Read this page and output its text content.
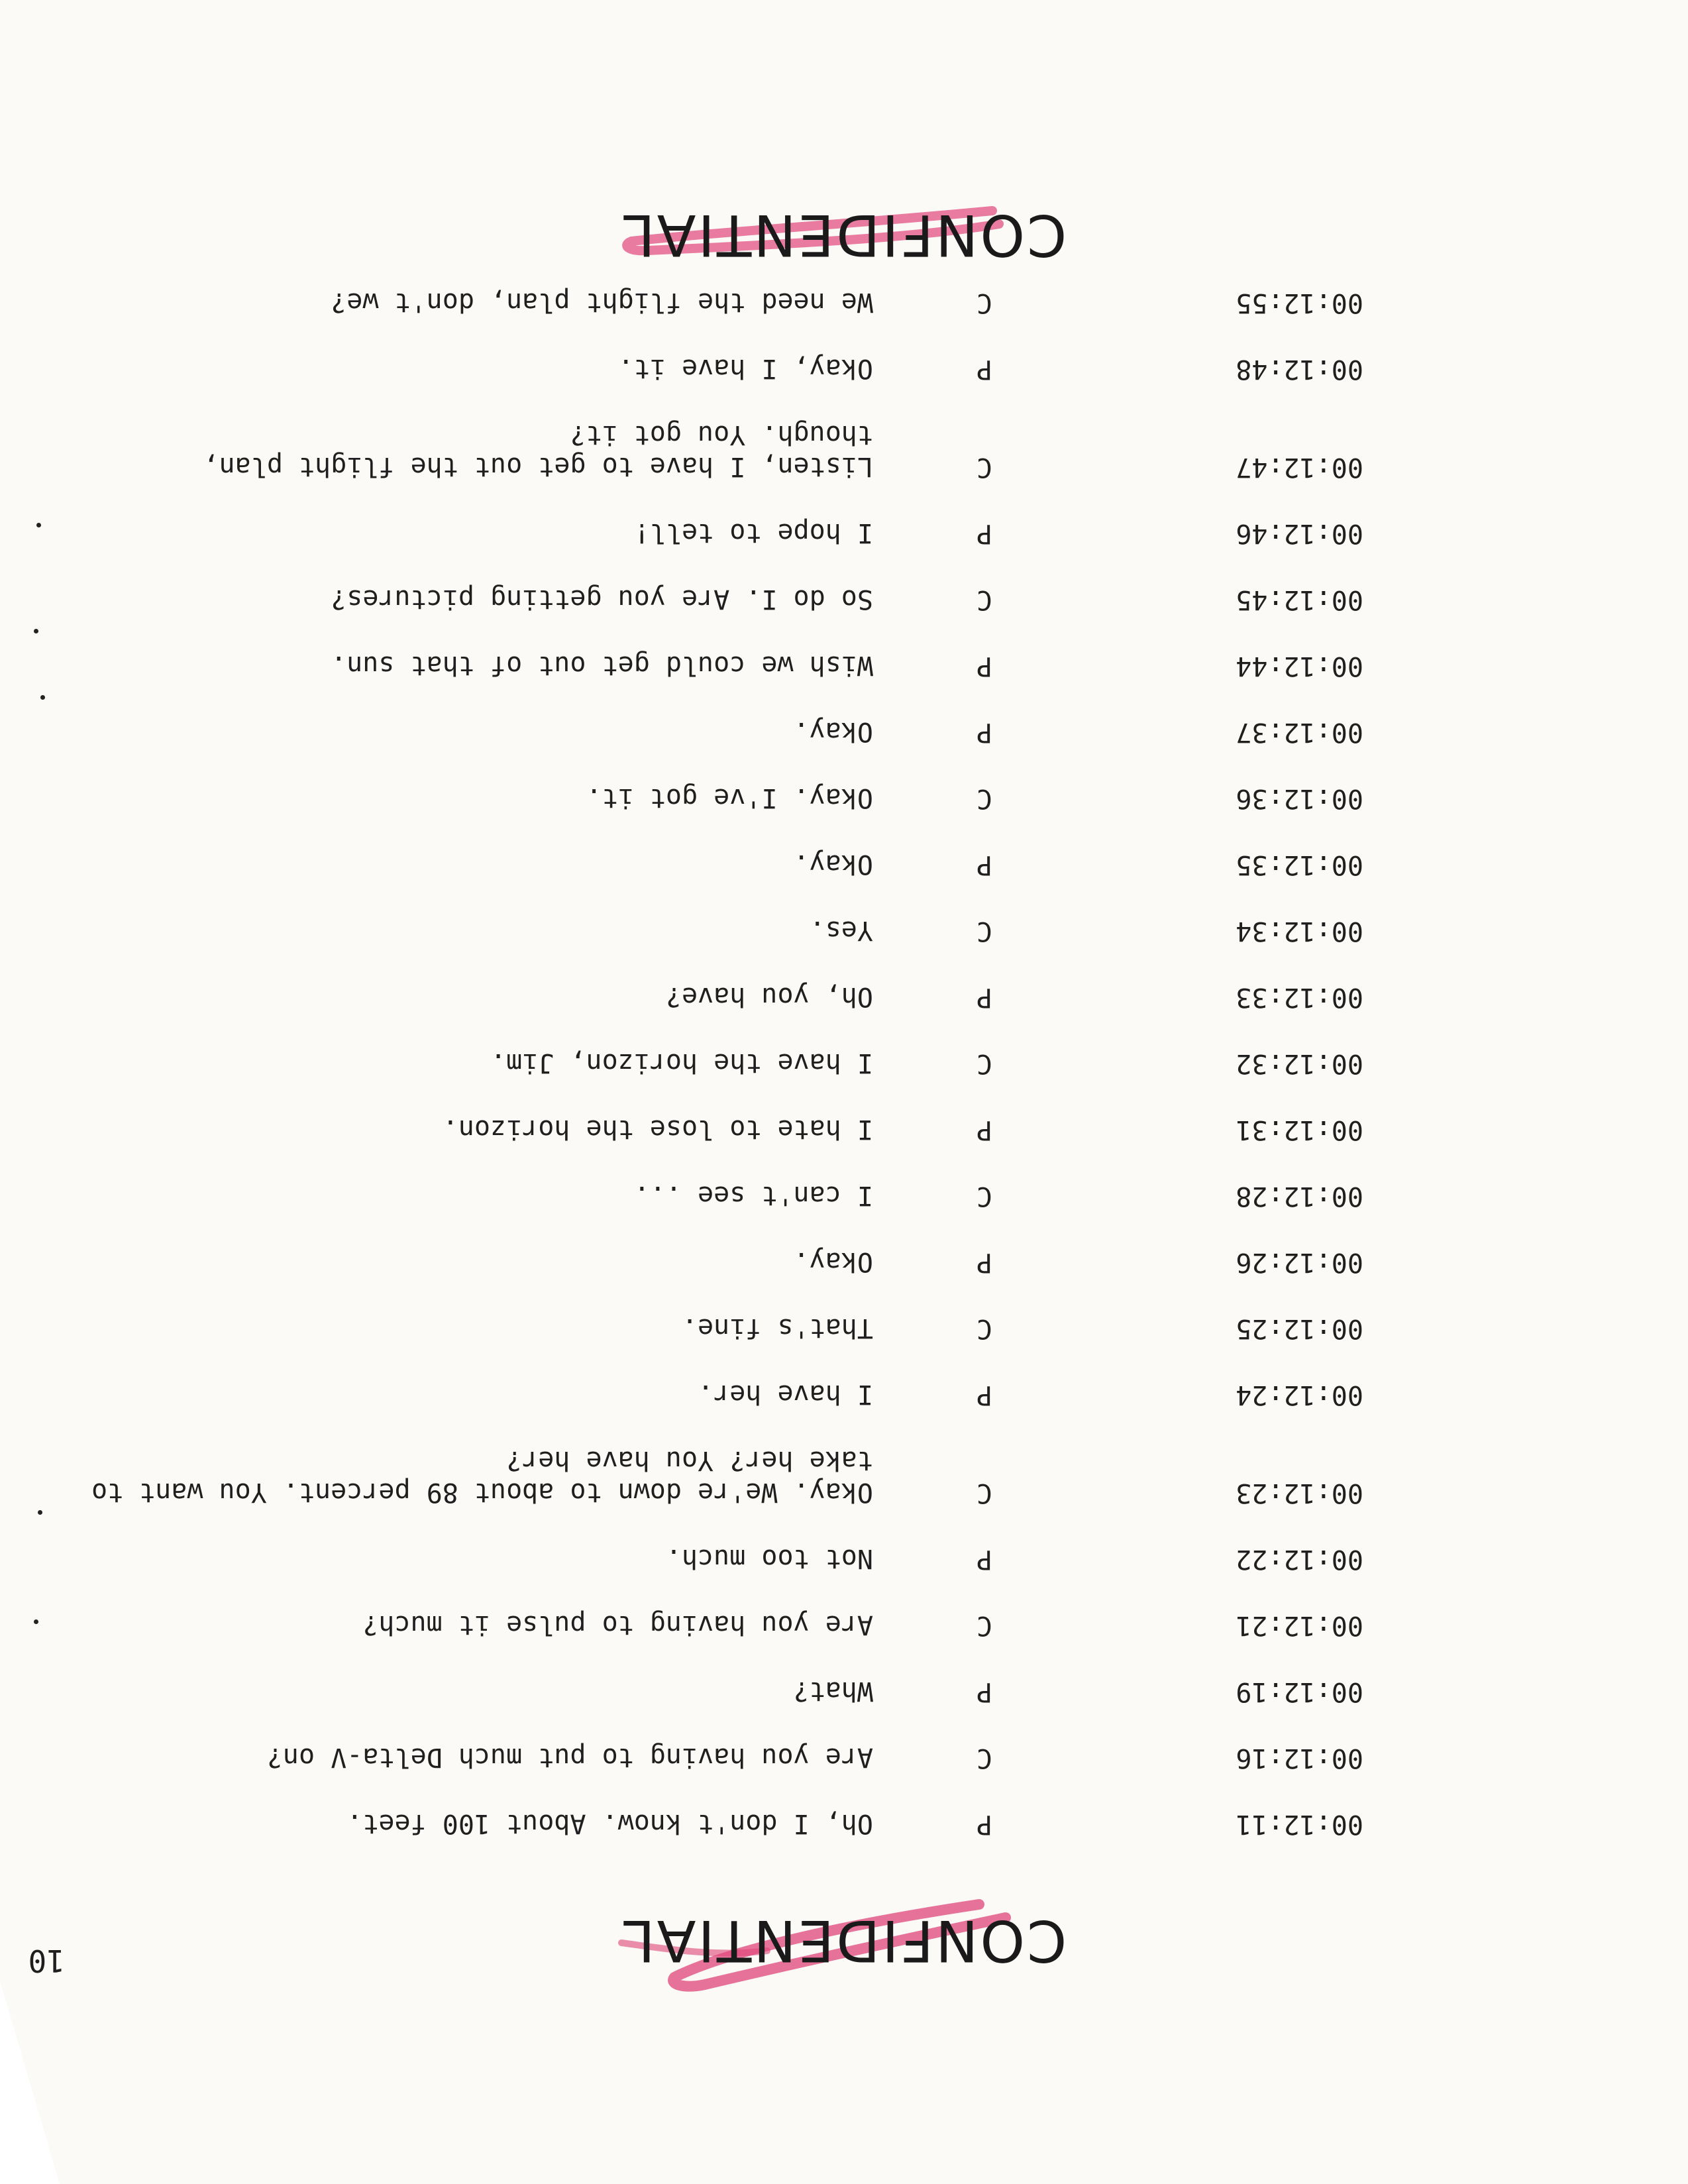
10	CONFIDENTIAL
00:12:11
P
Oh, I don't know. About 100 feet.
00:12:16
C
Are you having to put much Delta-V on?
00:12:19
P
What?
00:12:21
C
Are you having to pulse it much?
00:12:22
P
Not too much.
00:12:23
C
Okay. We're down to about 89 percent. You want to take her? You have her?
00:12:24
P
I have her.
00:12:25
C
That's fine.
00:12:26
P
Okay.
00:12:28
C
I can't see ...
00:12:31
P
I hate to lose the horizon.
00:12:32
C
I have the horizon, Jim.
00:12:33
P
Oh, you have?
00:12:34
C
Yes.
00:12:35
P
Okay.
00:12:36
C
Okay. I've got it.
00:12:37
P
Okay.
00:12:44
P
Wish we could get out of that sun.
00:12:45
C
So do I. Are you getting pictures?
00:12:46
P
I hope to tell!
00:12:47
C
Listen, I have to get out the flight plan, though. You got it?
00:12:48
P
Okay, I have it.
00:12:55
C
We need the flight plan, don't we?
CONFIDENTIAL
